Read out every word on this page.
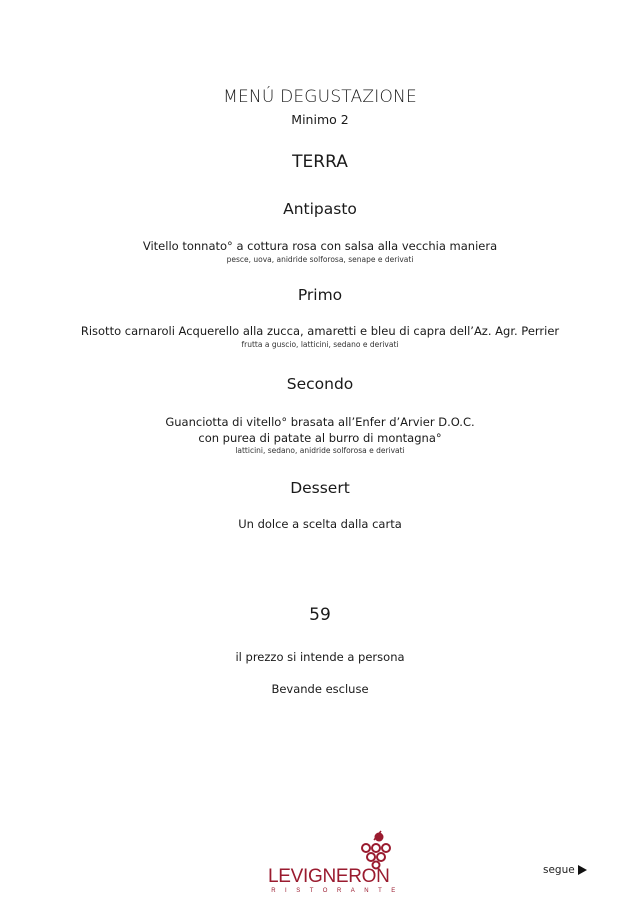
MENÚ DEGUSTAZIONE
Minimo 2
TERRA
Antipasto
Vitello tonnato° a cottura rosa con salsa alla vecchia maniera
pesce, uova, anidride solforosa, senape e derivati
Primo
Risotto carnaroli Acquerello alla zucca, amaretti e bleu di capra dell’Az. Agr. Perrier
frutta a guscio, latticini, sedano e derivati
Secondo
Guanciotta di vitello° brasata all’Enfer d’Arvier D.O.C.
con purea di patate al burro di montagna°
latticini, sedano, anidride solforosa e derivati
Dessert
Un dolce a scelta dalla carta
59
il prezzo si intende a persona
Bevande escluse
LEVIGNERON
RISTORANTE
segue
